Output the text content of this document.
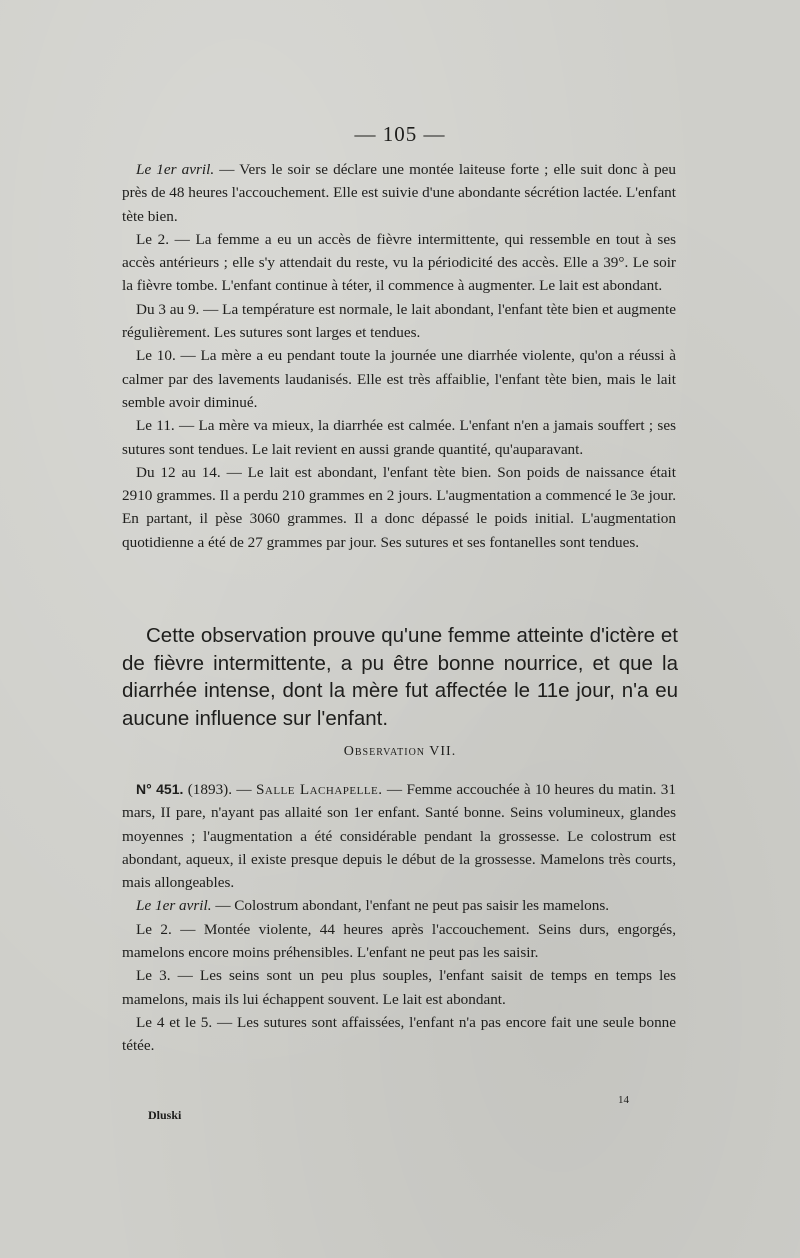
— 105 —

Le 1er avril. — Vers le soir se déclare une montée laiteuse forte ; elle suit donc à peu près de 48 heures l'accouchement. Elle est suivie d'une abondante sécrétion lactée. L'enfant tète bien.

Le 2. — La femme a eu un accès de fièvre intermittente, qui ressemble en tout à ses accès antérieurs ; elle s'y attendait du reste, vu la périodicité des accès. Elle a 39°. Le soir la fièvre tombe. L'enfant continue à téter, il commence à augmenter. Le lait est abondant.

Du 3 au 9. — La température est normale, le lait abondant, l'enfant tète bien et augmente régulièrement. Les sutures sont larges et tendues.

Le 10. — La mère a eu pendant toute la journée une diarrhée violente, qu'on a réussi à calmer par des lavements laudanisés. Elle est très affaiblie, l'enfant tète bien, mais le lait semble avoir diminué.

Le 11. — La mère va mieux, la diarrhée est calmée. L'enfant n'en a jamais souffert ; ses sutures sont tendues. Le lait revient en aussi grande quantité, qu'auparavant.

Du 12 au 14. — Le lait est abondant, l'enfant tète bien. Son poids de naissance était 2910 grammes. Il a perdu 210 grammes en 2 jours. L'augmentation a commencé le 3e jour. En partant, il pèse 3060 grammes. Il a donc dépassé le poids initial. L'augmentation quotidienne a été de 27 grammes par jour. Ses sutures et ses fontanelles sont tendues.

Cette observation prouve qu'une femme atteinte d'ictère et de fièvre intermittente, a pu être bonne nourrice, et que la diarrhée intense, dont la mère fut affectée le 11e jour, n'a eu aucune influence sur l'enfant.

Observation VII.

N° 451. (1893). — Salle Lachapelle. — Femme accouchée à 10 heures du matin. 31 mars, II pare, n'ayant pas allaité son 1er enfant. Santé bonne. Seins volumineux, glandes moyennes ; l'augmentation a été considérable pendant la grossesse. Le colostrum est abondant, aqueux, il existe presque depuis le début de la grossesse. Mamelons très courts, mais allongeables.

Le 1er avril. — Colostrum abondant, l'enfant ne peut pas saisir les mamelons.

Le 2. — Montée violente, 44 heures après l'accouchement. Seins durs, engorgés, mamelons encore moins préhensibles. L'enfant ne peut pas les saisir.

Le 3. — Les seins sont un peu plus souples, l'enfant saisit de temps en temps les mamelons, mais ils lui échappent souvent. Le lait est abondant.

Le 4 et le 5. — Les sutures sont affaissées, l'enfant n'a pas encore fait une seule bonne tétée.

Dluski
14
